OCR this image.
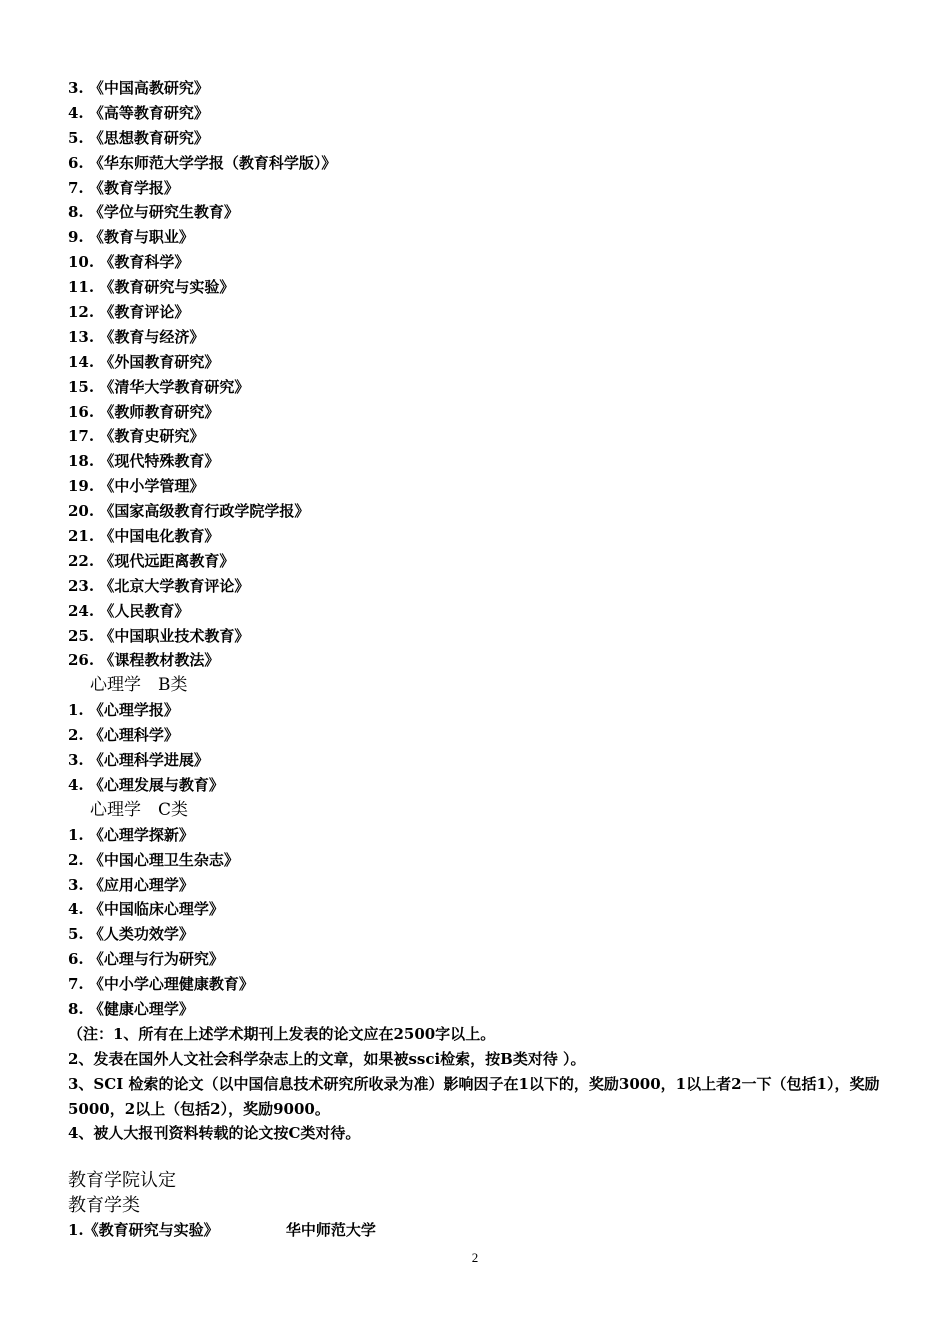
3. 《中国高教研究》
4. 《高等教育研究》
5. 《思想教育研究》
6. 《华东师范大学学报（教育科学版）》
7. 《教育学报》
8. 《学位与研究生教育》
9. 《教育与职业》
10. 《教育科学》
11. 《教育研究与实验》
12. 《教育评论》
13. 《教育与经济》
14. 《外国教育研究》
15. 《清华大学教育研究》
16. 《教师教育研究》
17. 《教育史研究》
18. 《现代特殊教育》
19. 《中小学管理》
20. 《国家高级教育行政学院学报》
21. 《中国电化教育》
22. 《现代远距离教育》
23. 《北京大学教育评论》
24. 《人民教育》
25. 《中国职业技术教育》
26. 《课程教材教法》
心理学　B类
1. 《心理学报》
2. 《心理科学》
3. 《心理科学进展》
4. 《心理发展与教育》
心理学　C类
1. 《心理学探新》
2. 《中国心理卫生杂志》
3. 《应用心理学》
4. 《中国临床心理学》
5. 《人类功效学》
6. 《心理与行为研究》
7. 《中小学心理健康教育》
8. 《健康心理学》
（注：1、所有在上述学术期刊上发表的论文应在2500字以上。
2、发表在国外人文社会科学杂志上的文章，如果被ssci检索，按B类对待 ）。
3、SCI 检索的论文（以中国信息技术研究所收录为准）影响因子在1以下的，奖励3000，1以上者2一下（包括1），奖励5000，2以上（包括2），奖励9000。
4、被人大报刊资料转载的论文按C类对待。
教育学院认定
教育学类
1.《教育研究与实验》	华中师范大学
2
